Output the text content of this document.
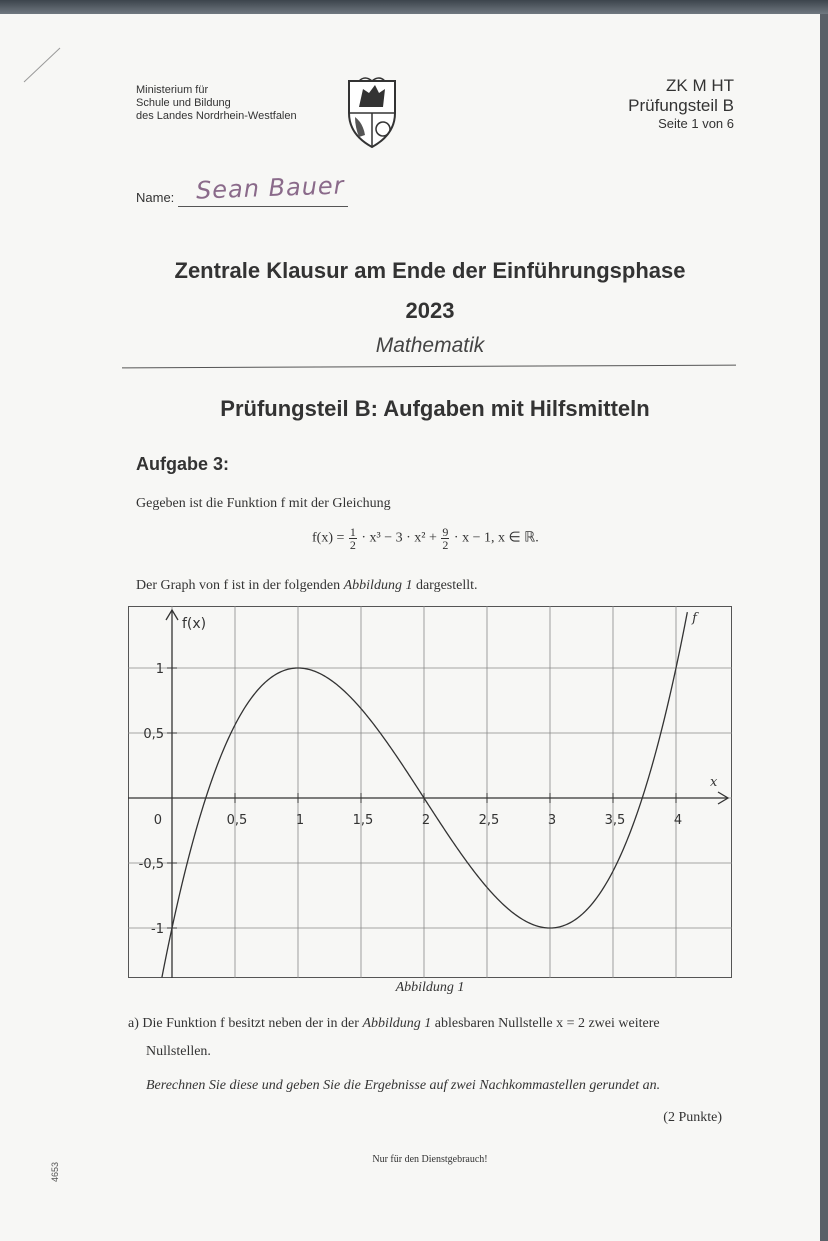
Ministerium für
Schule und Bildung
des Landes Nordrhein-Westfalen
ZK M HT
Prüfungsteil B
Seite 1 von 6
Name: Sean Bauer
Zentrale Klausur am Ende der Einführungsphase
2023
Mathematik
Prüfungsteil B: Aufgaben mit Hilfsmitteln
Aufgabe 3:
Gegeben ist die Funktion f mit der Gleichung
$f(x) = \frac{1}{2} \cdot x^3 - 3 \cdot x^2 + \frac{9}{2} \cdot x - 1$, x ∈ ℝ.
Der Graph von f ist in der folgenden Abbildung 1 dargestellt.
0,5	1	1,5	2	2,5	3	3,5	4
1
0,5
-0,5
-1
f(x)
x
f
0
Abbildung 1
a) Die Funktion f besitzt neben der in der Abbildung 1 ablesbaren Nullstelle x = 2 zwei weitere
Nullstellen.
Berechnen Sie diese und geben Sie die Ergebnisse auf zwei Nachkommastellen gerundet an.
(2 Punkte)
Nur für den Dienstgebrauch!
4653
